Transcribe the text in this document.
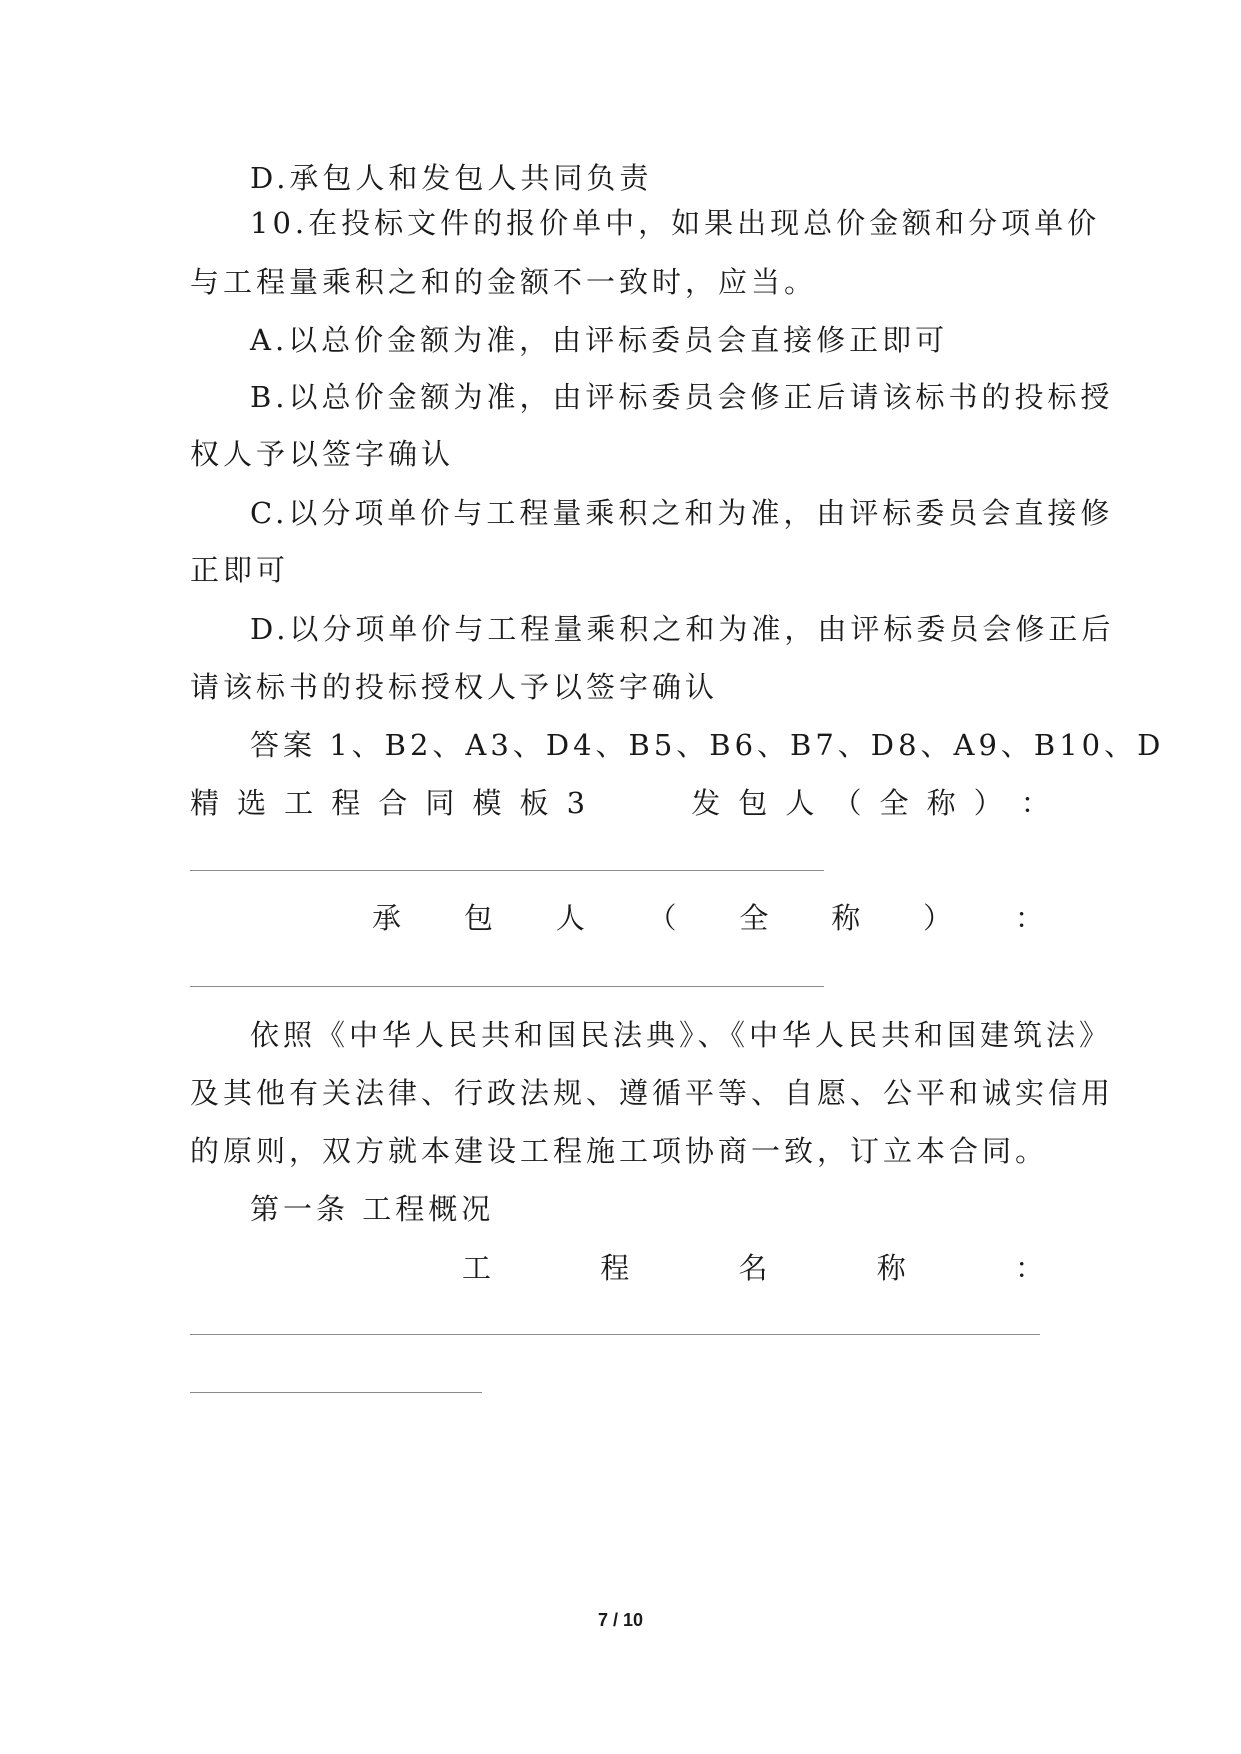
D.承包人和发包人共同负责
10.在投标文件的报价单中，如果出现总价金额和分项单价
与工程量乘积之和的金额不一致时，应当。
A.以总价金额为准，由评标委员会直接修正即可
B.以总价金额为准，由评标委员会修正后请该标书的投标授
权人予以签字确认
C.以分项单价与工程量乘积之和为准，由评标委员会直接修
正即可
D.以分项单价与工程量乘积之和为准，由评标委员会修正后
请该标书的投标授权人予以签字确认
答案 1、B2、A3、D4、B5、B6、B7、D8、A9、B10、D
精 选 工 程 合 同 模 板 3	发 包 人 （ 全 称 ） ：
承 包 人 （ 全 称 ） ：
依照《中华人民共和国民法典》、《中华人民共和国建筑法》
及其他有关法律、行政法规、遵循平等、自愿、公平和诚实信用
的原则，双方就本建设工程施工项协商一致，订立本合同。
第一条 工程概况
工	程	名	称	：
7 / 10
